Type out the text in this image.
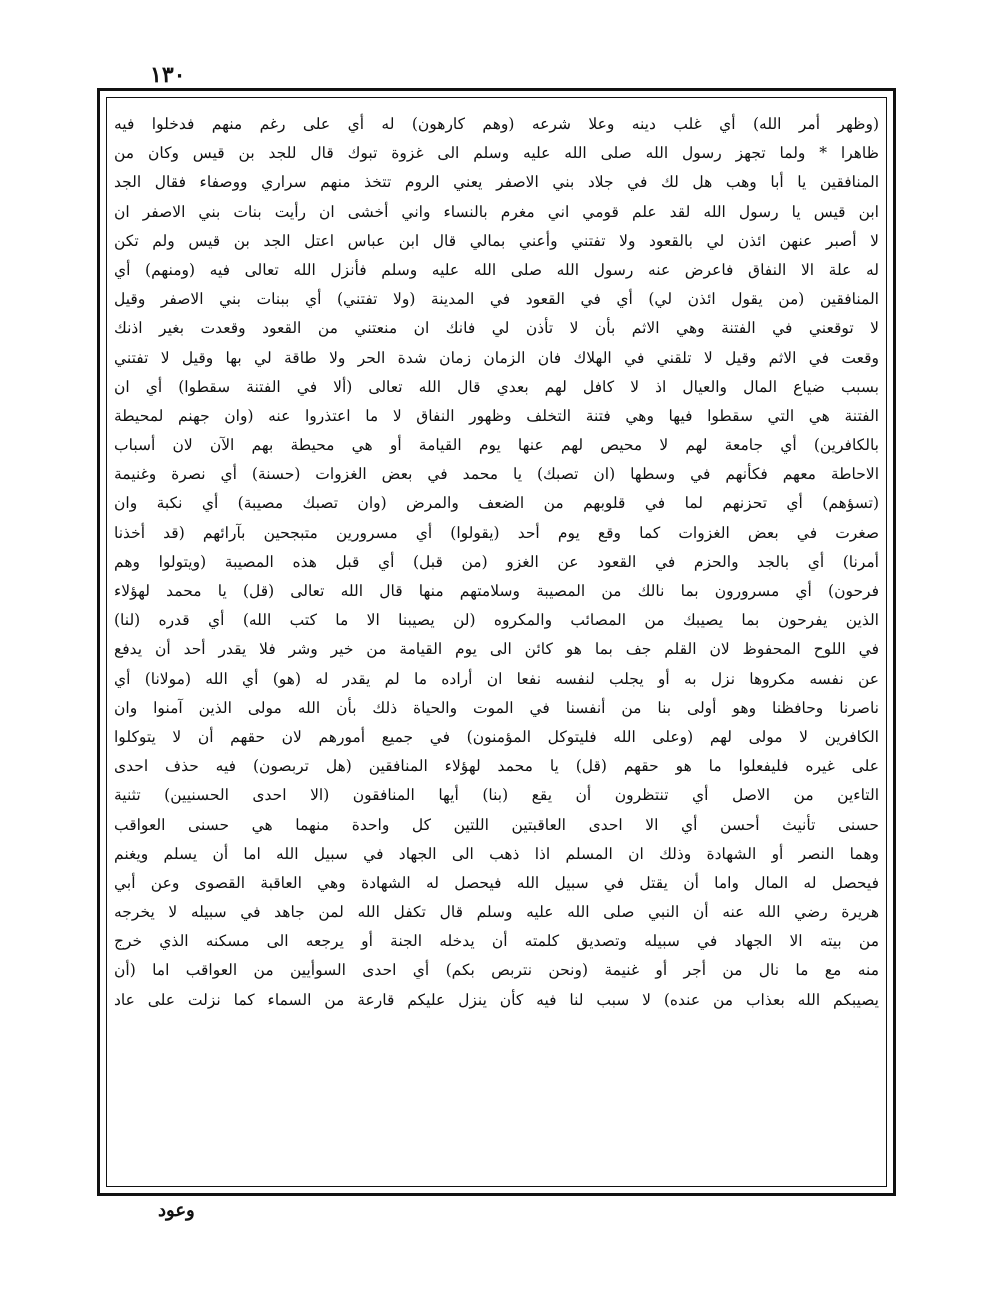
١٣٠
(وظهر أمر الله) أي غلب دينه وعلا شرعه (وهم كارهون) له أي على رغم منهم فدخلوا فيه
ظاهرا * ولما تجهز رسول الله صلى الله عليه وسلم الى غزوة تبوك قال للجد بن قيس وكان من
المنافقين يا أبا وهب هل لك في جلاد بني الاصفر يعني الروم تتخذ منهم سراري ووصفاء فقال الجد
ابن قيس يا رسول الله لقد علم قومي اني مغرم بالنساء واني أخشى ان رأيت بنات بني الاصفر ان
لا أصبر عنهن ائذن لي بالقعود ولا تفتني وأعني بمالي قال ابن عباس اعتل الجد بن قيس ولم تكن
له علة الا النفاق فاعرض عنه رسول الله صلى الله عليه وسلم فأنزل الله تعالى فيه (ومنهم) أي
المنافقين (من يقول ائذن لي) أي في القعود في المدينة (ولا تفتني) أي ببنات بني الاصفر وقيل
لا توقعني في الفتنة وهي الاثم بأن لا تأذن لي فانك ان منعتني من القعود وقعدت بغير اذنك
وقعت في الاثم وقيل لا تلقني في الهلاك فان الزمان زمان شدة الحر ولا طاقة لي بها وقيل لا تفتني
بسبب ضياع المال والعيال اذ لا كافل لهم بعدي قال الله تعالى (ألا في الفتنة سقطوا) أي ان
الفتنة هي التي سقطوا فيها وهي فتنة التخلف وظهور النفاق لا ما اعتذروا عنه (وان جهنم لمحيطة
بالكافرين) أي جامعة لهم لا محيص لهم عنها يوم القيامة أو هي محيطة بهم الآن لان أسباب
الاحاطة معهم فكأنهم في وسطها (ان تصبك) يا محمد في بعض الغزوات (حسنة) أي نصرة وغنيمة
(تسؤهم) أي تحزنهم لما في قلوبهم من الضعف والمرض (وان تصبك مصيبة) أي نكبة وان
صغرت في بعض الغزوات كما وقع يوم أحد (يقولوا) أي مسرورين متبجحين بآرائهم (قد أخذنا
أمرنا) أي بالجد والحزم في القعود عن الغزو (من قبل) أي قبل هذه المصيبة (ويتولوا وهم
فرحون) أي مسرورون بما نالك من المصيبة وسلامتهم منها قال الله تعالى (قل) يا محمد لهؤلاء
الذين يفرحون بما يصيبك من المصائب والمكروه (لن يصيبنا الا ما كتب الله) أي قدره (لنا)
في اللوح المحفوظ لان القلم جف بما هو كائن الى يوم القيامة من خير وشر فلا يقدر أحد أن يدفع
عن نفسه مكروها نزل به أو يجلب لنفسه نفعا ان أراده ما لم يقدر له (هو) أي الله (مولانا) أي
ناصرنا وحافظنا وهو أولى بنا من أنفسنا في الموت والحياة ذلك بأن الله مولى الذين آمنوا وان
الكافرين لا مولى لهم (وعلى الله فليتوكل المؤمنون) في جميع أمورهم لان حقهم أن لا يتوكلوا
على غيره فليفعلوا ما هو حقهم (قل) يا محمد لهؤلاء المنافقين (هل تربصون) فيه حذف احدى
التاءين من الاصل أي تنتظرون أن يقع (بنا) أيها المنافقون (الا احدى الحسنيين) تثنية
حسنى تأنيث أحسن أي الا احدى العاقبتين اللتين كل واحدة منهما هي حسنى العواقب
وهما النصر أو الشهادة وذلك ان المسلم اذا ذهب الى الجهاد في سبيل الله اما أن يسلم ويغنم
فيحصل له المال واما أن يقتل في سبيل الله فيحصل له الشهادة وهي العاقبة القصوى وعن أبي
هريرة رضي الله عنه أن النبي صلى الله عليه وسلم قال تكفل الله لمن جاهد في سبيله لا يخرجه
من بيته الا الجهاد في سبيله وتصديق كلمته أن يدخله الجنة أو يرجعه الى مسكنه الذي خرج
منه مع ما نال من أجر أو غنيمة (ونحن نتربص بكم) أي احدى السوأيين من العواقب اما (أن
يصيبكم الله بعذاب من عنده) لا سبب لنا فيه كأن ينزل عليكم قارعة من السماء كما نزلت على عاد
وعود
